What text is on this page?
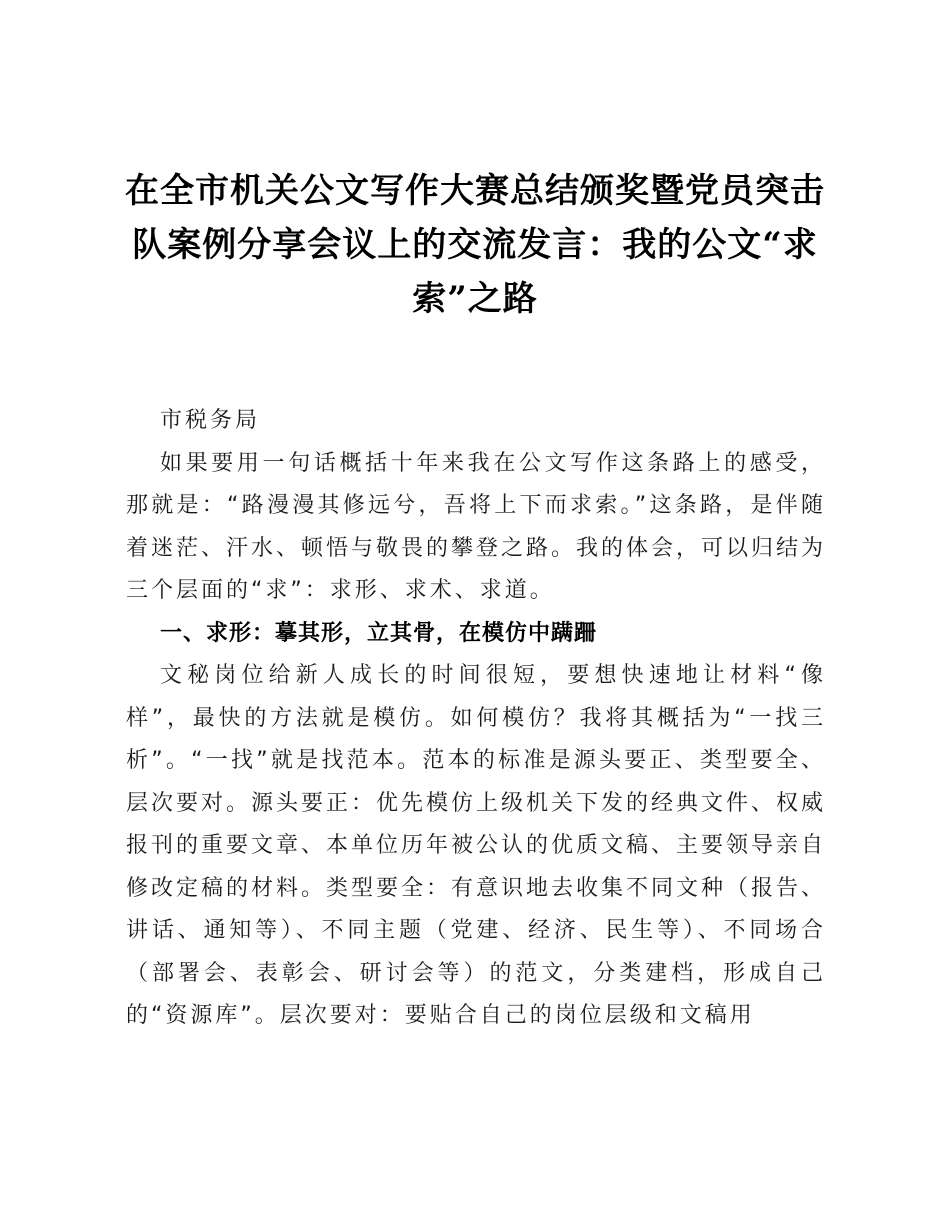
在全市机关公文写作大赛总结颁奖暨党员突击队案例分享会议上的交流发言：我的公文“求索”之路

市税务局

如果要用一句话概括十年来我在公文写作这条路上的感受，那就是：“路漫漫其修远兮，吾将上下而求索。”这条路，是伴随着迷茫、汗水、顿悟与敬畏的攀登之路。我的体会，可以归结为三个层面的“求”：求形、求术、求道。

一、求形：摹其形，立其骨，在模仿中蹒跚

文秘岗位给新人成长的时间很短，要想快速地让材料“像样”，最快的方法就是模仿。如何模仿？我将其概括为“一找三析”。“一找”就是找范本。范本的标准是源头要正、类型要全、层次要对。源头要正：优先模仿上级机关下发的经典文件、权威报刊的重要文章、本单位历年被公认的优质文稿、主要领导亲自修改定稿的材料。类型要全：有意识地去收集不同文种（报告、讲话、通知等）、不同主题（党建、经济、民生等）、不同场合（部署会、表彰会、研讨会等）的范文，分类建档，形成自己的“资源库”。层次要对：要贴合自己的岗位层级和文稿用
